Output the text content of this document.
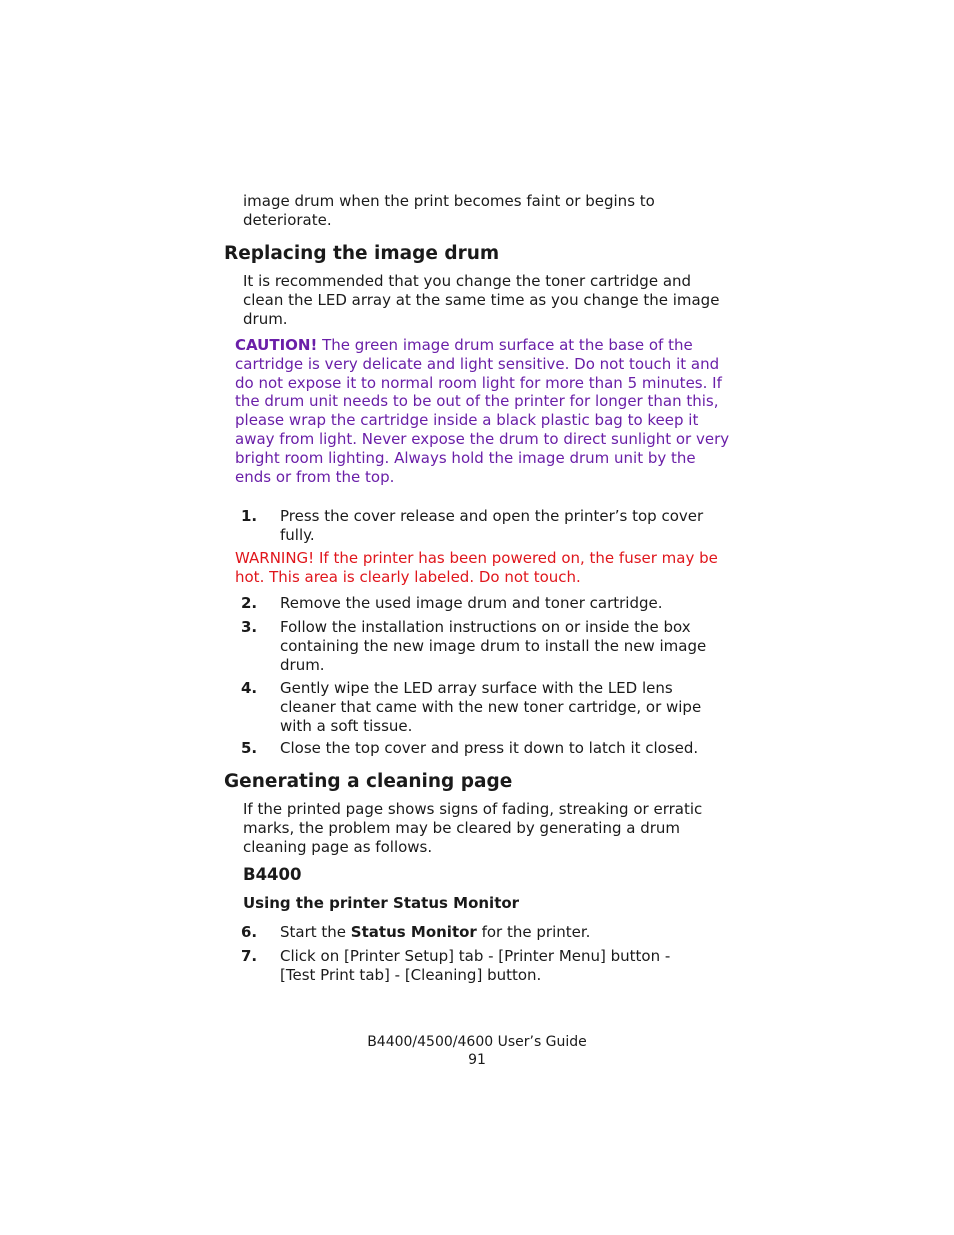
image drum when the print becomes faint or begins to deteriorate.
Replacing the image drum
It is recommended that you change the toner cartridge and clean the LED array at the same time as you change the image drum.
CAUTION! The green image drum surface at the base of the cartridge is very delicate and light sensitive. Do not touch it and do not expose it to normal room light for more than 5 minutes. If the drum unit needs to be out of the printer for longer than this, please wrap the cartridge inside a black plastic bag to keep it away from light. Never expose the drum to direct sunlight or very bright room lighting. Always hold the image drum unit by the ends or from the top.
1. Press the cover release and open the printer’s top cover fully.
WARNING! If the printer has been powered on, the fuser may be hot. This area is clearly labeled. Do not touch.
2. Remove the used image drum and toner cartridge.
3. Follow the installation instructions on or inside the box containing the new image drum to install the new image drum.
4. Gently wipe the LED array surface with the LED lens cleaner that came with the new toner cartridge, or wipe with a soft tissue.
5. Close the top cover and press it down to latch it closed.
Generating a cleaning page
If the printed page shows signs of fading, streaking or erratic marks, the problem may be cleared by generating a drum cleaning page as follows.
B4400
Using the printer Status Monitor
6. Start the Status Monitor for the printer.
7. Click on [Printer Setup] tab - [Printer Menu] button - [Test Print tab] - [Cleaning] button.
B4400/4500/4600 User’s Guide
91
